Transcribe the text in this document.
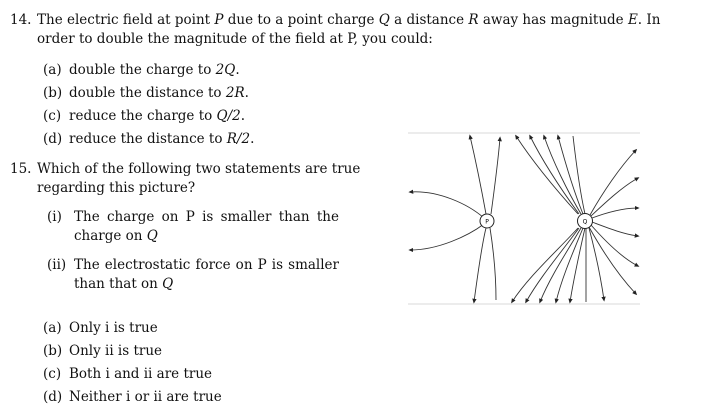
14. The electric field at point P due to a point charge Q a distance R away has magnitude E. In
order to double the magnitude of the field at P, you could:
(a) double the charge to 2Q.
(b) double the distance to 2R.
(c) reduce the charge to Q/2.
(d) reduce the distance to R/2.
15. Which of the following two statements are true
regarding this picture?
(i) The charge on P is smaller than the
charge on Q
(ii) The electrostatic force on P is smaller
than that on Q
(a) Only i is true
(b) Only ii is true
(c) Both i and ii are true
(d) Neither i or ii are true
P	Q
